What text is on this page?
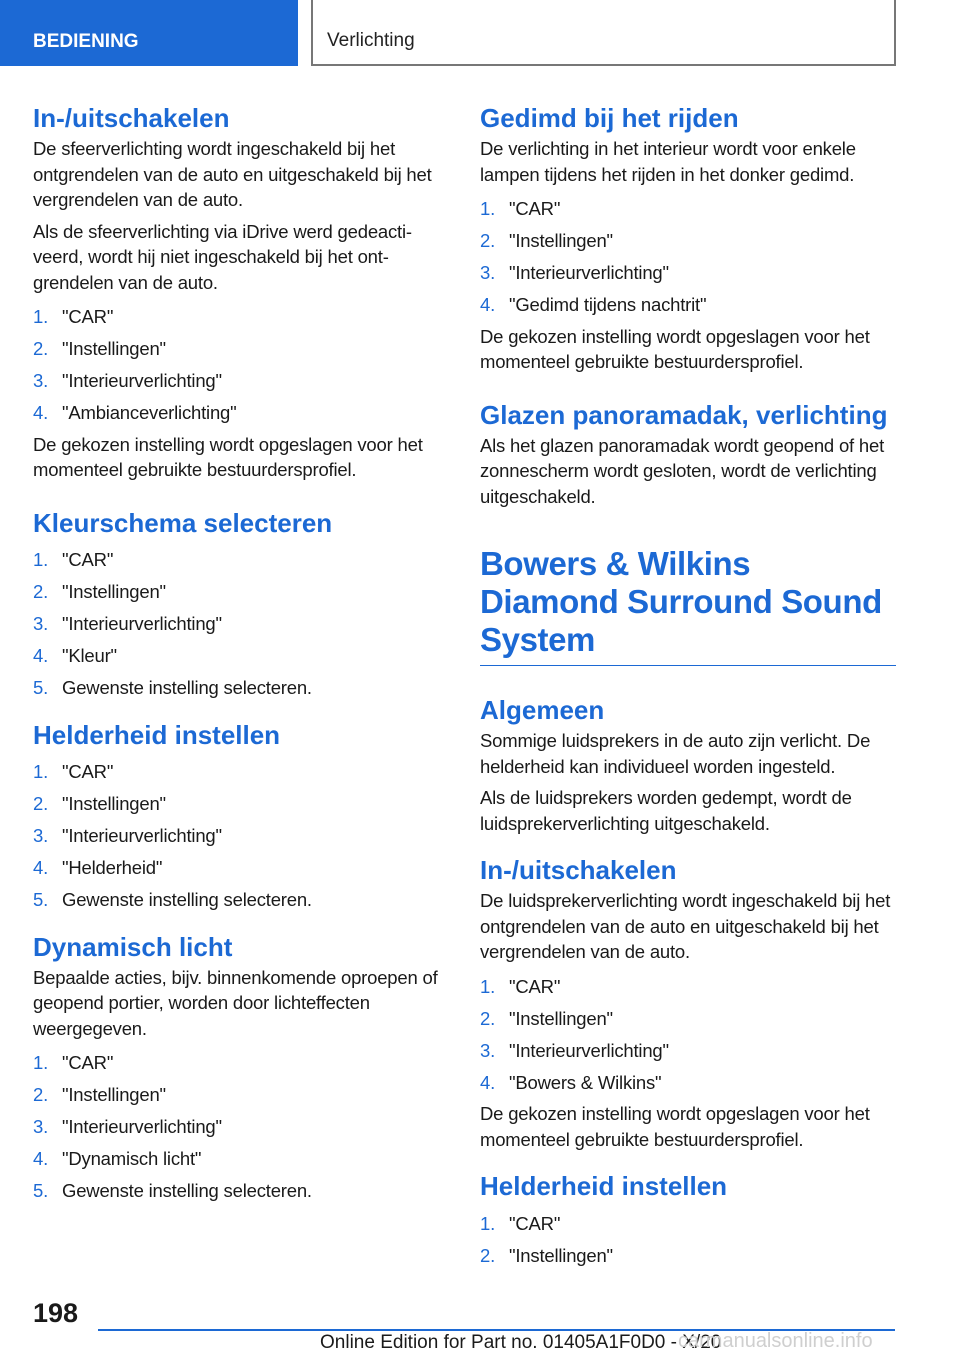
BEDIENING	Verlichting
In-/uitschakelen

De sfeerverlichting wordt ingeschakeld bij het ontgrendelen van de auto en uitgeschakeld bij het vergrendelen van de auto.

Als de sfeerverlichting via iDrive werd gedeactiveerd, wordt hij niet ingeschakeld bij het ontgrendelen van de auto.

1. "CAR"
2. "Instellingen"
3. "Interieurverlichting"
4. "Ambianceverlichting"

De gekozen instelling wordt opgeslagen voor het momenteel gebruikte bestuurdersprofiel.

Kleurschema selecteren
1. "CAR"
2. "Instellingen"
3. "Interieurverlichting"
4. "Kleur"
5. Gewenste instelling selecteren.
Helderheid instellen
1. "CAR"
2. "Instellingen"
3. "Interieurverlichting"
4. "Helderheid"
5. Gewenste instelling selecteren.
Dynamisch licht

Bepaalde acties, bijv. binnenkomende oproepen of geopend portier, worden door lichteffecten weergegeven.

1. "CAR"
2. "Instellingen"
3. "Interieurverlichting"
4. "Dynamisch licht"
5. Gewenste instelling selecteren.
Gedimd bij het rijden

De verlichting in het interieur wordt voor enkele lampen tijdens het rijden in het donker gedimd.

1. "CAR"
2. "Instellingen"
3. "Interieurverlichting"
4. "Gedimd tijdens nachtrit"

De gekozen instelling wordt opgeslagen voor het momenteel gebruikte bestuurdersprofiel.

Glazen panoramadak, verlichting

Als het glazen panoramadak wordt geopend of het zonnescherm wordt gesloten, wordt de verlichting uitgeschakeld.

Bowers & Wilkins Diamond Surround Sound System
Algemeen

Sommige luidsprekers in de auto zijn verlicht. De helderheid kan individueel worden ingesteld.

Als de luidsprekers worden gedempt, wordt de luidsprekerverlichting uitgeschakeld.

In-/uitschakelen

De luidsprekerverlichting wordt ingeschakeld bij het ontgrendelen van de auto en uitgeschakeld bij het vergrendelen van de auto.

1. "CAR"
2. "Instellingen"
3. "Interieurverlichting"
4. "Bowers & Wilkins"

De gekozen instelling wordt opgeslagen voor het momenteel gebruikte bestuurdersprofiel.

Helderheid instellen
1. "CAR"
2. "Instellingen"
198
Online Edition for Part no. 01405A1F0D0 - X/20
carmanualsonline.info
